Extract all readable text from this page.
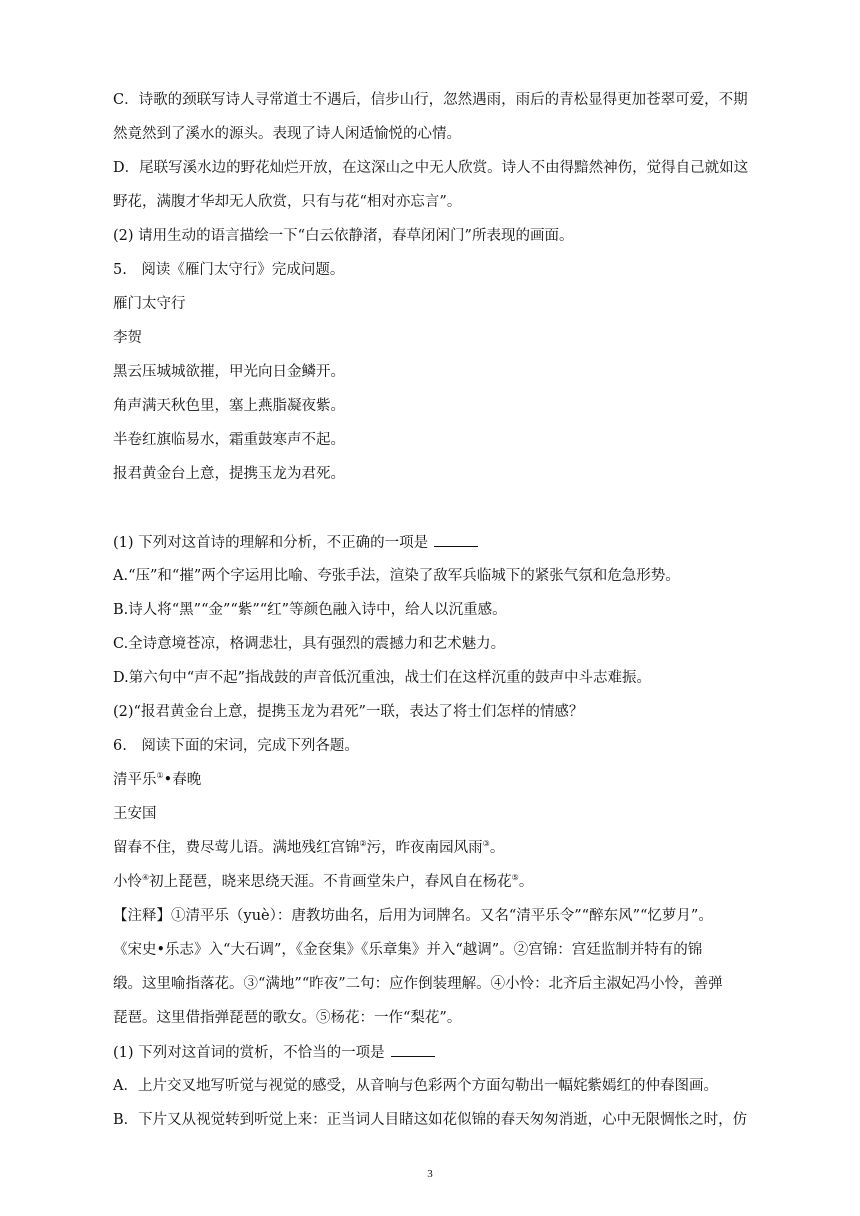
C．诗歌的颈联写诗人寻常道士不遇后，信步山行，忽然遇雨，雨后的青松显得更加苍翠可爱，不期
然竟然到了溪水的源头。表现了诗人闲适愉悦的心情。
D．尾联写溪水边的野花灿烂开放，在这深山之中无人欣赏。诗人不由得黯然神伤，觉得自己就如这
野花，满腹才华却无人欣赏，只有与花“相对亦忘言”。
(2) 请用生动的语言描绘一下“白云依静渚，春草闭闲门”所表现的画面。
5.　阅读《雁门太守行》完成问题。
雁门太守行
李贺
黑云压城城欲摧，甲光向日金鳞开。
角声满天秋色里，塞上燕脂凝夜紫。
半卷红旗临易水，霜重鼓寒声不起。
报君黄金台上意，提携玉龙为君死。
(1) 下列对这首诗的理解和分析，不正确的一项是
A.“压”和“摧”两个字运用比喻、夸张手法，渲染了敌军兵临城下的紧张气氛和危急形势。
B.诗人将“黑”“金”“紫”“红”等颜色融入诗中，给人以沉重感。
C.全诗意境苍凉，格调悲壮，具有强烈的震撼力和艺术魅力。
D.第六句中“声不起”指战鼓的声音低沉重浊，战士们在这样沉重的鼓声中斗志难振。
(2)“报君黄金台上意，提携玉龙为君死”一联，表达了将士们怎样的情感？
6.　阅读下面的宋词，完成下列各题。
清平乐①•春晚
王安国
留春不住，费尽莺儿语。满地残红宫锦②污，昨夜南园风雨③。
小怜④初上琵琶，晓来思绕天涯。不肯画堂朱户，春风自在杨花⑤。
【注释】①清平乐（yuè）：唐教坊曲名，后用为词牌名。又名“清平乐令”“醉东风”“忆萝月”。
《宋史•乐志》入“大石调”，《金奁集》《乐章集》并入“越调”。②宫锦：宫廷监制并特有的锦
缎。这里喻指落花。③“满地”“昨夜”二句：应作倒装理解。④小怜：北齐后主淑妃冯小怜，善弹
琵琶。这里借指弹琵琶的歌女。⑤杨花：一作“梨花”。
(1) 下列对这首词的赏析，不恰当的一项是
A．上片交叉地写听觉与视觉的感受，从音响与色彩两个方面勾勒出一幅姹紫嫣红的仲春图画。
B．下片又从视觉转到听觉上来：正当词人目睹这如花似锦的春天匆匆消逝，心中无限惆怅之时，仿
3
